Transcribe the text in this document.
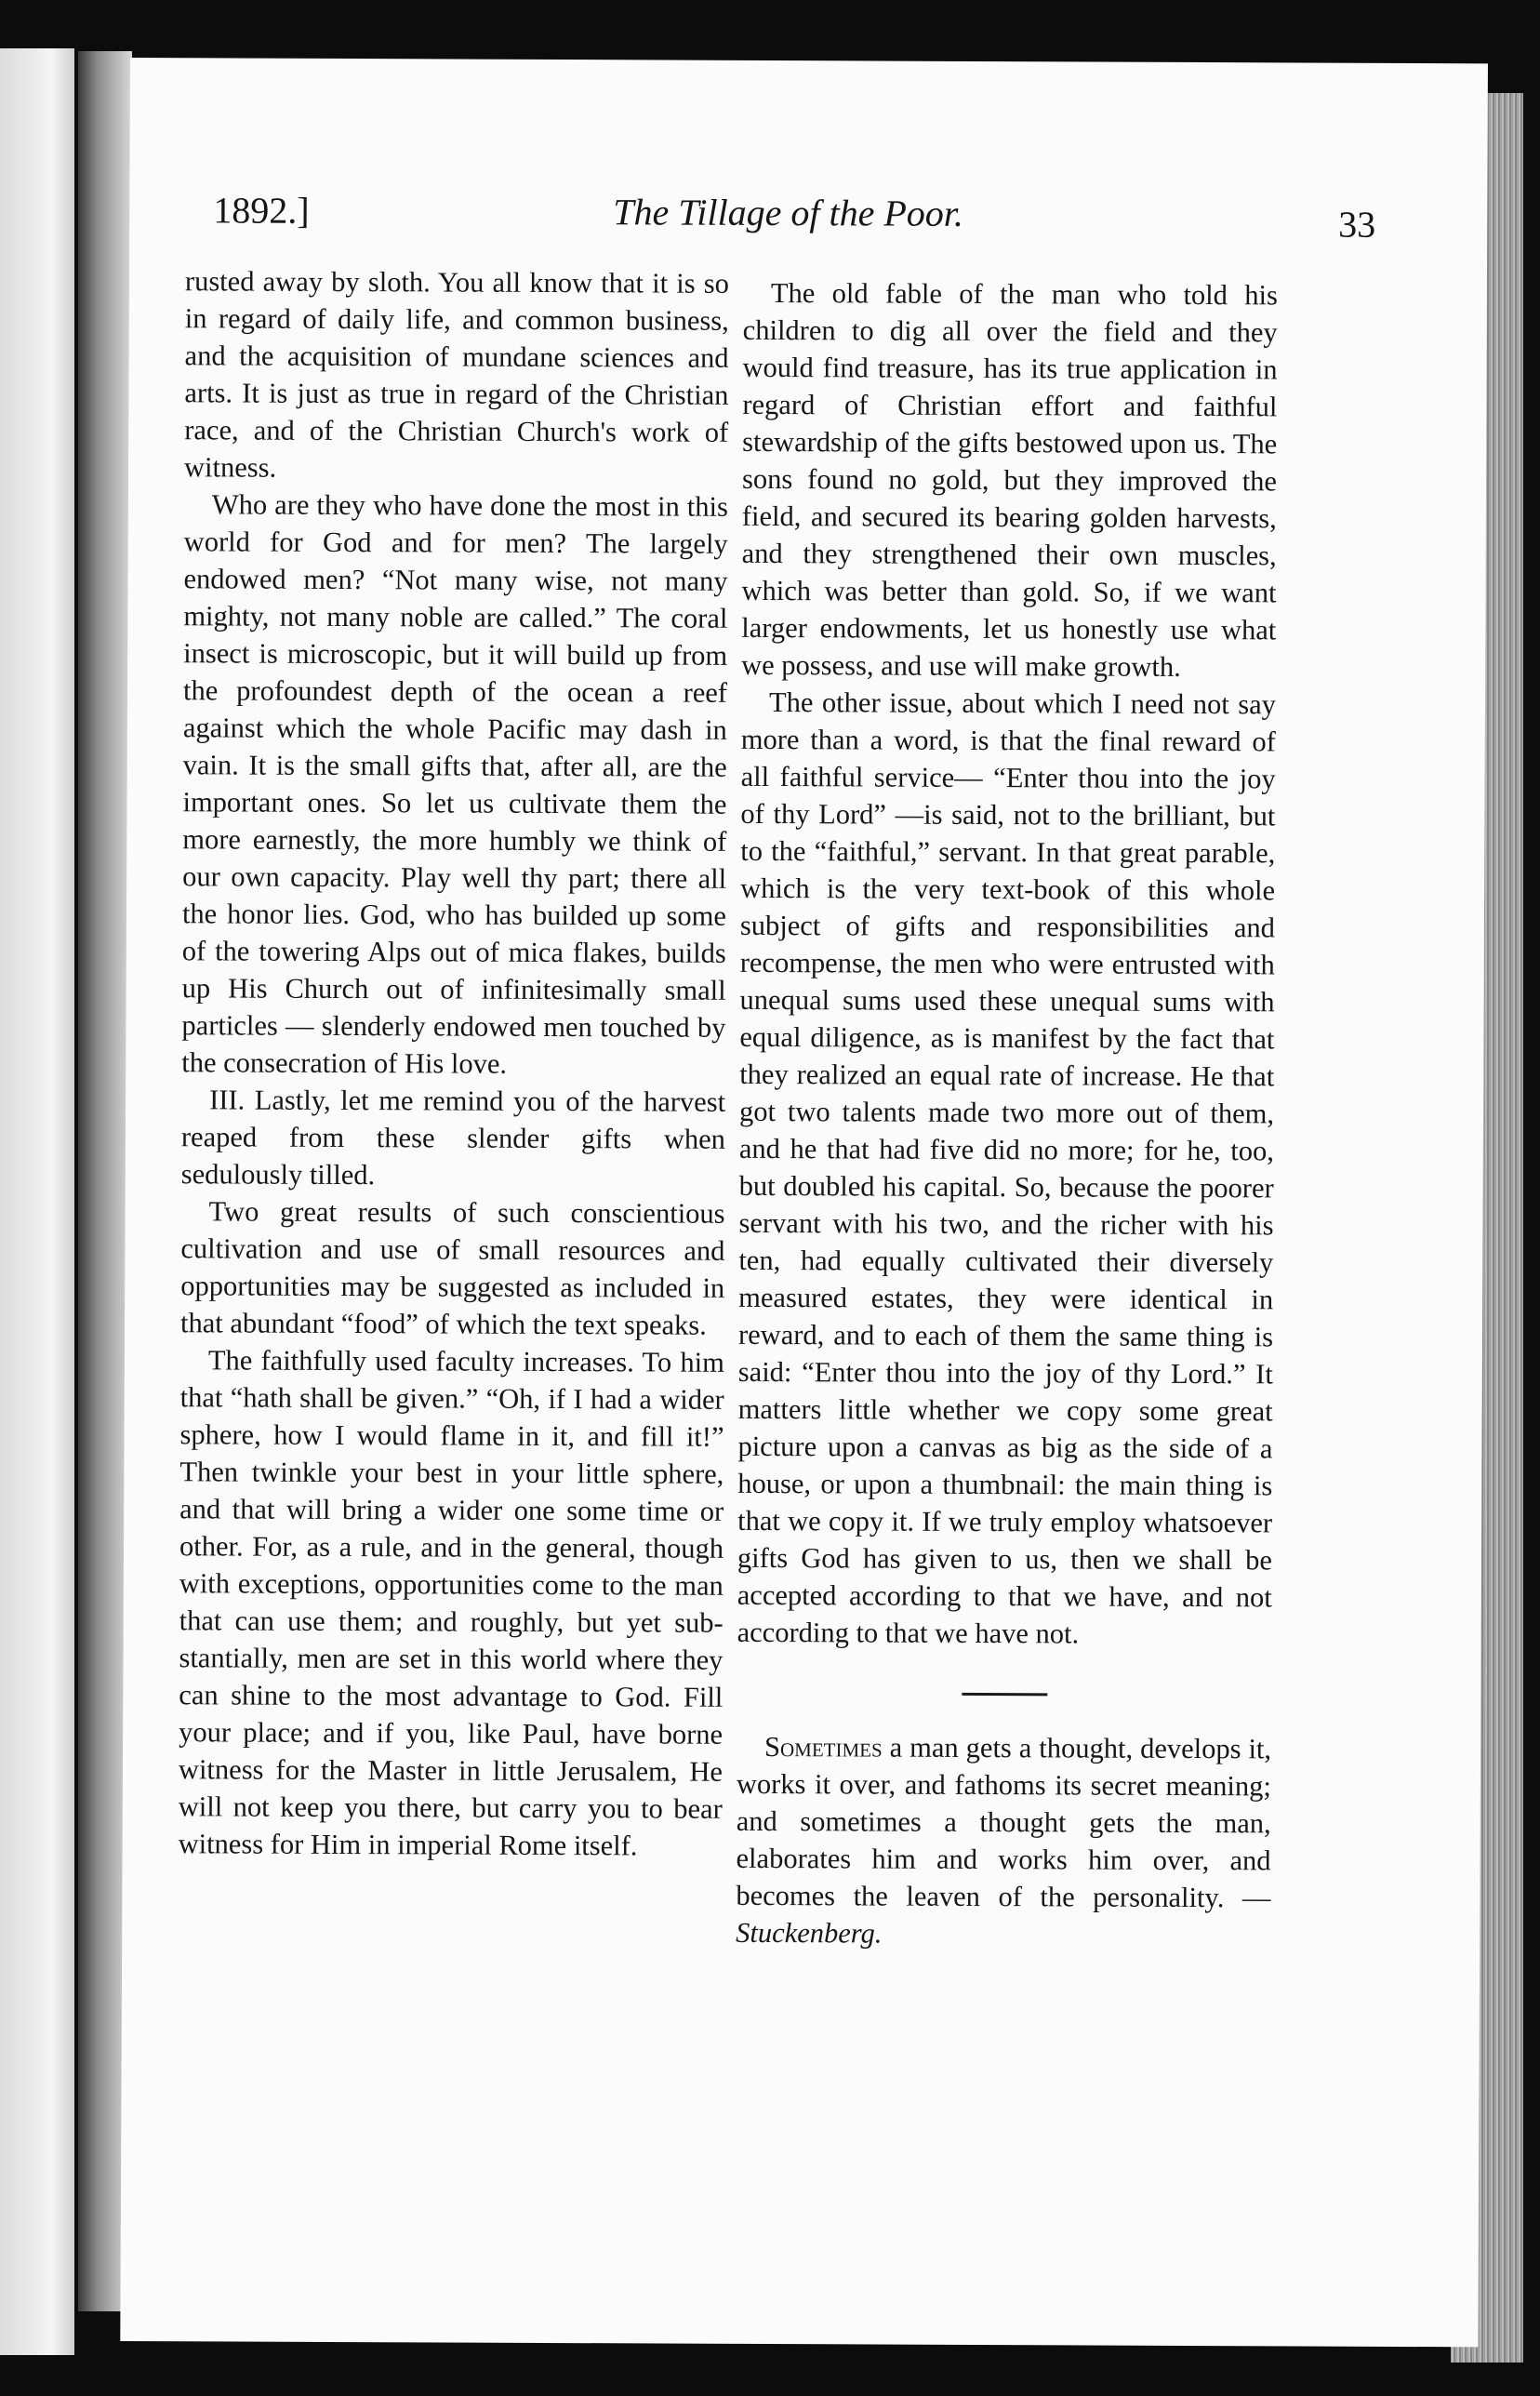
1892.]	The Tillage of the Poor.	33

rusted away by sloth. You all know that it is so in regard of daily life, and common business, and the acquisition of mundane sciences and arts. It is just as true in regard of the Christian race, and of the Christian Church's work of witness.

Who are they who have done the most in this world for God and for men? The largely endowed men? “Not many wise, not many mighty, not many noble are called.” The coral insect is microscopic, but it will build up from the profoundest depth of the ocean a reef against which the whole Pacific may dash in vain. It is the small gifts that, after all, are the important ones. So let us cultivate them the more earnestly, the more humbly we think of our own capacity. Play well thy part; there all the honor lies. God, who has builded up some of the towering Alps out of mica flakes, builds up His Church out of infinitesimally small particles — slenderly endowed men touched by the consecration of His love.

III. Lastly, let me remind you of the harvest reaped from these slender gifts when sedulously tilled.

Two great results of such conscientious cultivation and use of small resources and opportunities may be suggested as included in that abundant “food” of which the text speaks.

The faithfully used faculty increases. To him that “hath shall be given.” “Oh, if I had a wider sphere, how I would flame in it, and fill it!” Then twinkle your best in your little sphere, and that will bring a wider one some time or other. For, as a rule, and in the general, though with exceptions, opportunities come to the man that can use them; and roughly, but yet substantially, men are set in this world where they can shine to the most advantage to God. Fill your place; and if you, like Paul, have borne witness for the Master in little Jerusalem, He will not keep you there, but carry you to bear witness for Him in imperial Rome itself.

The old fable of the man who told his children to dig all over the field and they would find treasure, has its true application in regard of Christian effort and faithful stewardship of the gifts bestowed upon us. The sons found no gold, but they improved the field, and secured its bearing golden harvests, and they strengthened their own muscles, which was better than gold. So, if we want larger endowments, let us honestly use what we possess, and use will make growth.

The other issue, about which I need not say more than a word, is that the final reward of all faithful service— “Enter thou into the joy of thy Lord” —is said, not to the brilliant, but to the “faithful,” servant. In that great parable, which is the very text-book of this whole subject of gifts and responsibilities and recompense, the men who were entrusted with unequal sums used these unequal sums with equal diligence, as is manifest by the fact that they realized an equal rate of increase. He that got two talents made two more out of them, and he that had five did no more; for he, too, but doubled his capital. So, because the poorer servant with his two, and the richer with his ten, had equally cultivated their diversely measured estates, they were identical in reward, and to each of them the same thing is said: “Enter thou into the joy of thy Lord.” It matters little whether we copy some great picture upon a canvas as big as the side of a house, or upon a thumbnail: the main thing is that we copy it. If we truly employ whatsoever gifts God has given to us, then we shall be accepted according to that we have, and not according to that we have not.

Sometimes a man gets a thought, develops it, works it over, and fathoms its secret meaning; and sometimes a thought gets the man, elaborates him and works him over, and becomes the leaven of the personality. — Stuckenberg.
